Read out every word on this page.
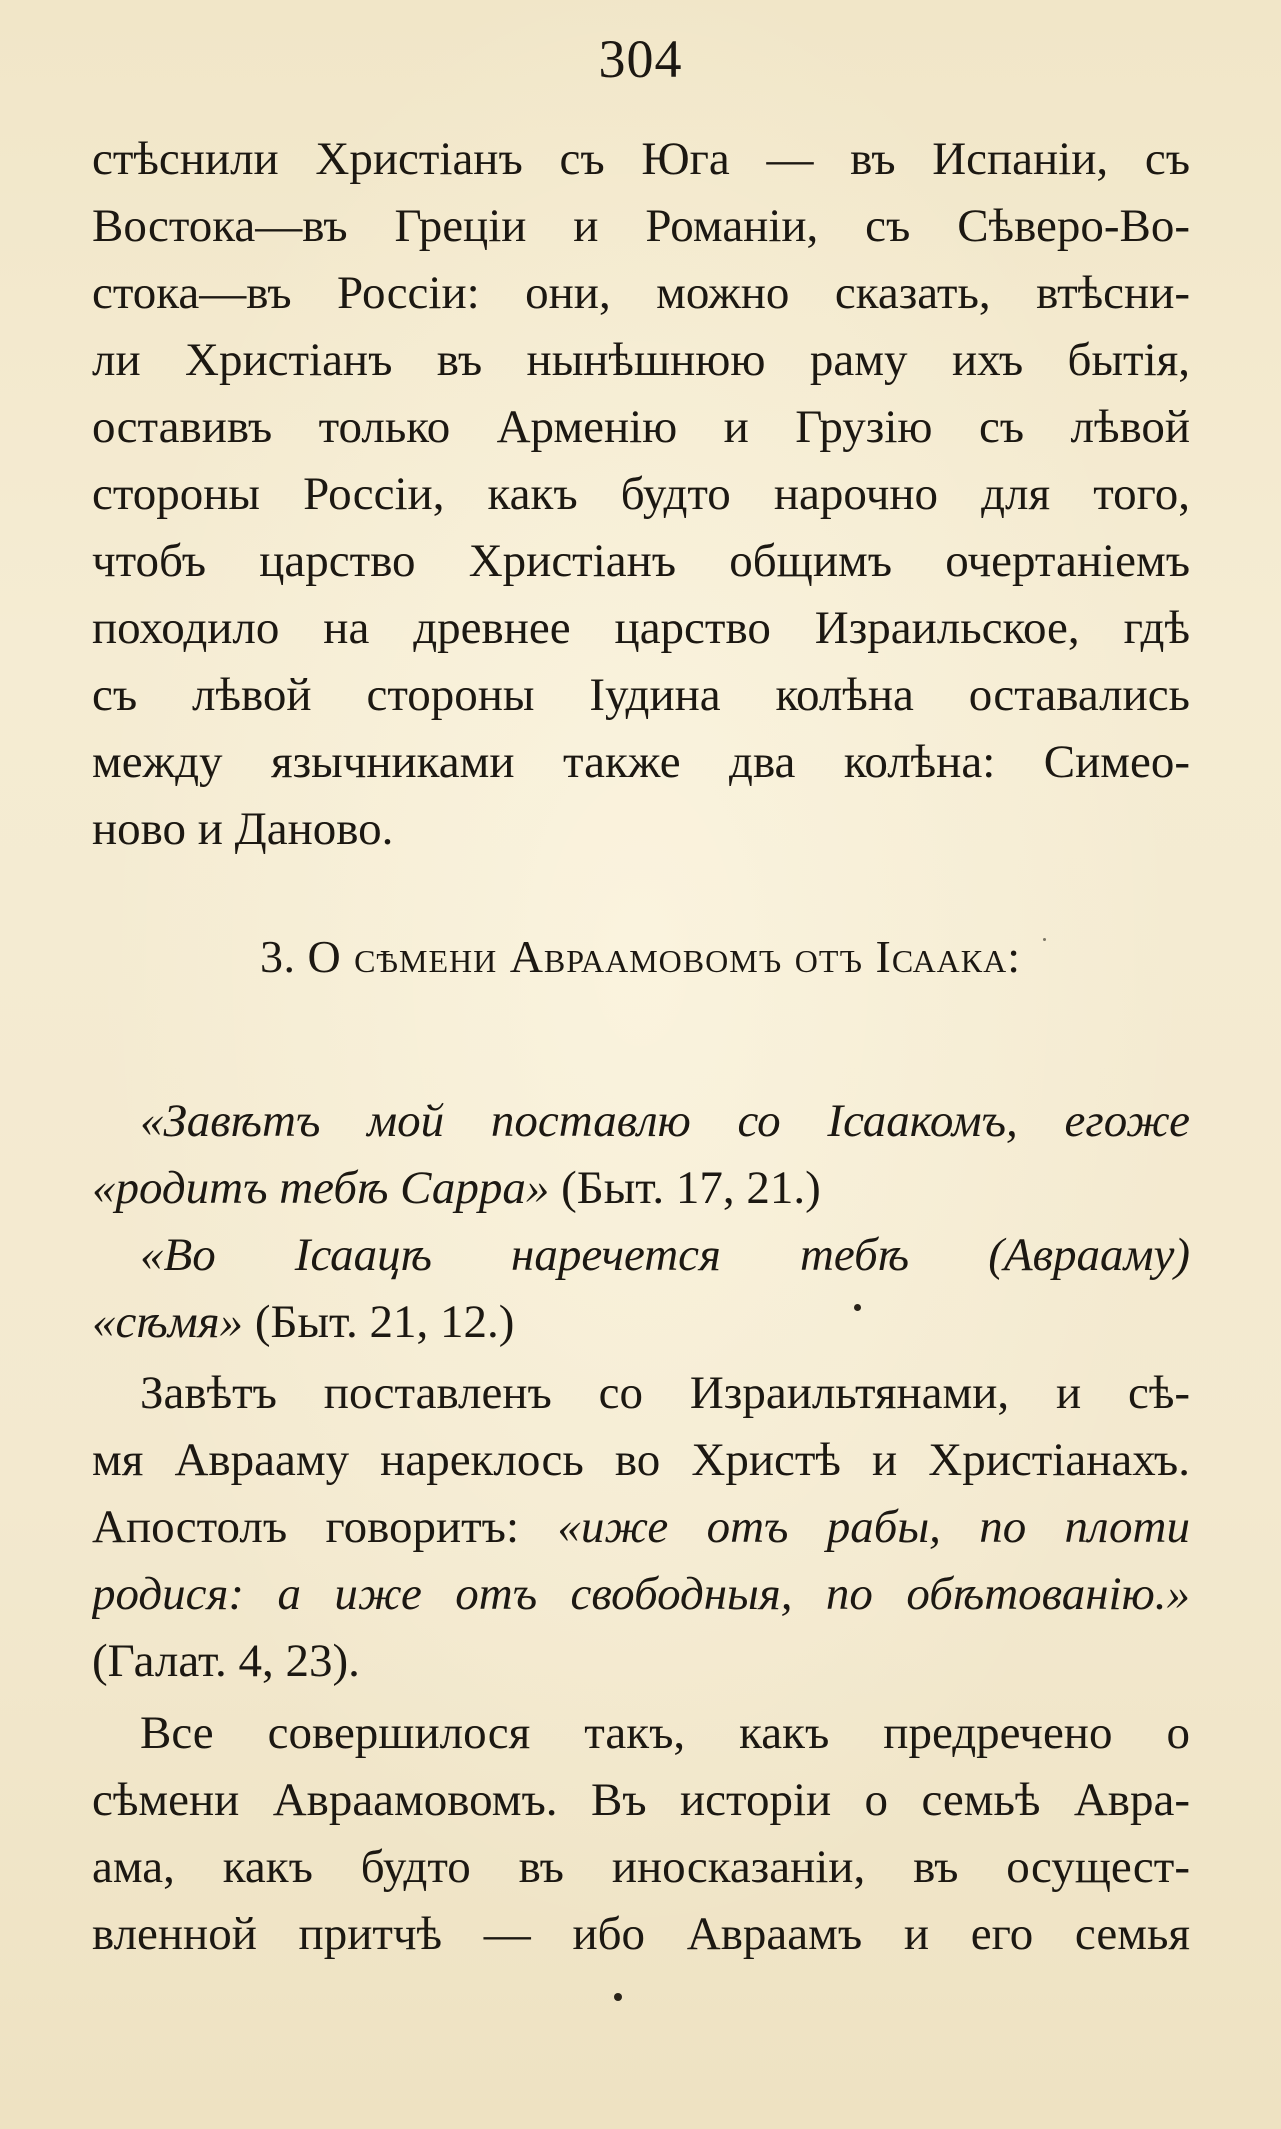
304
стѣснили Христіанъ съ Юга — въ Испаніи, съ
Востока—въ Греціи и Романіи, съ Сѣверо-Во-
стока—въ Россіи: они, можно сказать, втѣсни-
ли Христіанъ въ нынѣшнюю раму ихъ бытія,
оставивъ только Арменію и Грузію съ лѣвой
стороны Россіи, какъ будто нарочно для того,
чтобъ царство Христіанъ общимъ очертаніемъ
походило на древнее царство Израильское, гдѣ
съ лѣвой стороны Іудина колѣна оставались
между язычниками также два колѣна: Симео-
ново и Даново.
3. О сѣмени Авраамовомъ отъ Ісаака:
«Завѣтъ мой поставлю со Ісаакомъ, егоже
«родитъ тебѣ Сарра» (Быт. 17, 21.)
«Во Ісаацѣ наречется тебѣ (Аврааму)
«сѣмя» (Быт. 21, 12.)
Завѣтъ поставленъ со Израильтянами, и сѣ-
мя Аврааму нареклось во Христѣ и Христіанахъ.
Апостолъ говоритъ: «иже отъ рабы, по плоти
родися: а иже отъ свободныя, по обѣтованію.»
(Галат. 4, 23).
Все совершилося такъ, какъ предречено о
сѣмени Авраамовомъ. Въ исторіи о семьѣ Авра-
ама, какъ будто въ иносказаніи, въ осущест-
вленной притчѣ — ибо Авраамъ и его семья
